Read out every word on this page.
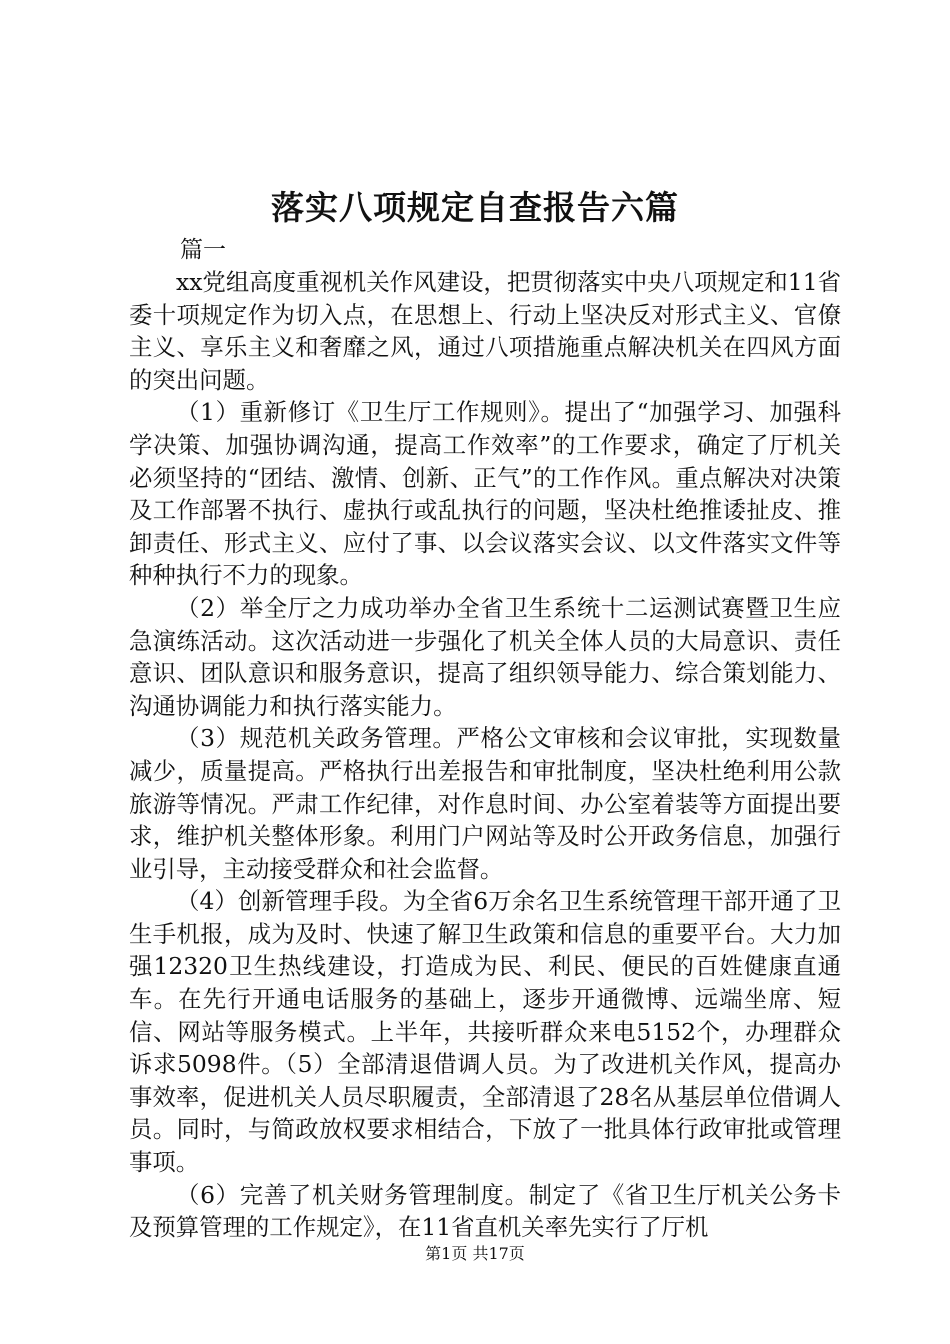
落实八项规定自查报告六篇

篇一

xx党组高度重视机关作风建设，把贯彻落实中央八项规定和11省委十项规定作为切入点，在思想上、行动上坚决反对形式主义、官僚主义、享乐主义和奢靡之风，通过八项措施重点解决机关在四风方面的突出问题。

（1）重新修订《卫生厅工作规则》。提出了“加强学习、加强科学决策、加强协调沟通，提高工作效率”的工作要求，确定了厅机关必须坚持的“团结、激情、创新、正气”的工作作风。重点解决对决策及工作部署不执行、虚执行或乱执行的问题，坚决杜绝推诿扯皮、推卸责任、形式主义、应付了事、以会议落实会议、以文件落实文件等种种执行不力的现象。

（2）举全厅之力成功举办全省卫生系统十二运测试赛暨卫生应急演练活动。这次活动进一步强化了机关全体人员的大局意识、责任意识、团队意识和服务意识，提高了组织领导能力、综合策划能力、沟通协调能力和执行落实能力。

（3）规范机关政务管理。严格公文审核和会议审批，实现数量减少，质量提高。严格执行出差报告和审批制度，坚决杜绝利用公款旅游等情况。严肃工作纪律，对作息时间、办公室着装等方面提出要求，维护机关整体形象。利用门户网站等及时公开政务信息，加强行业引导，主动接受群众和社会监督。

（4）创新管理手段。为全省6万余名卫生系统管理干部开通了卫生手机报，成为及时、快速了解卫生政策和信息的重要平台。大力加强12320卫生热线建设，打造成为民、利民、便民的百姓健康直通车。在先行开通电话服务的基础上，逐步开通微博、远端坐席、短信、网站等服务模式。上半年，共接听群众来电5152个，办理群众诉求5098件。（5）全部清退借调人员。为了改进机关作风，提高办事效率，促进机关人员尽职履责，全部清退了28名从基层单位借调人员。同时，与简政放权要求相结合，下放了一批具体行政审批或管理事项。

（6）完善了机关财务管理制度。制定了《省卫生厅机关公务卡及预算管理的工作规定》，在11省直机关率先实行了厅机

第1页 共17页
